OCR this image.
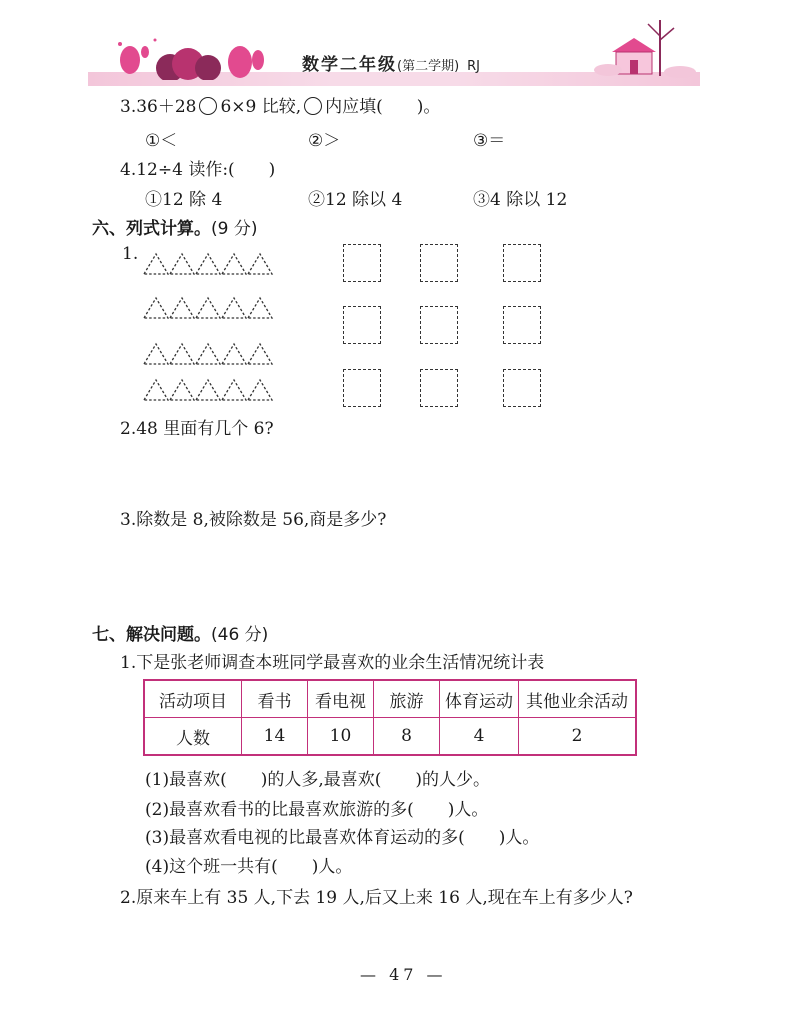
数学二年级(第二学期) RJ
3.36＋28 6×9 比较, 内应填(　　)。
①＜	②＞	③＝
4.12÷4 读作:(　　)
①12 除 4	②12 除以 4	③4 除以 12
六、列式计算。(9 分)
1.
2.48 里面有几个 6?
3.除数是 8,被除数是 56,商是多少?
七、解决问题。(46 分)
1.下是张老师调查本班同学最喜欢的业余生活情况统计表
活动项目	看书	看电视	旅游	体育运动	其他业余活动
人数	14	10	8	4	2
(1)最喜欢(　　)的人多,最喜欢(　　)的人少。
(2)最喜欢看书的比最喜欢旅游的多(　　)人。
(3)最喜欢看电视的比最喜欢体育运动的多(　　)人。
(4)这个班一共有(　　)人。
2.原来车上有 35 人,下去 19 人,后又上来 16 人,现在车上有多少人?
— 47 —
